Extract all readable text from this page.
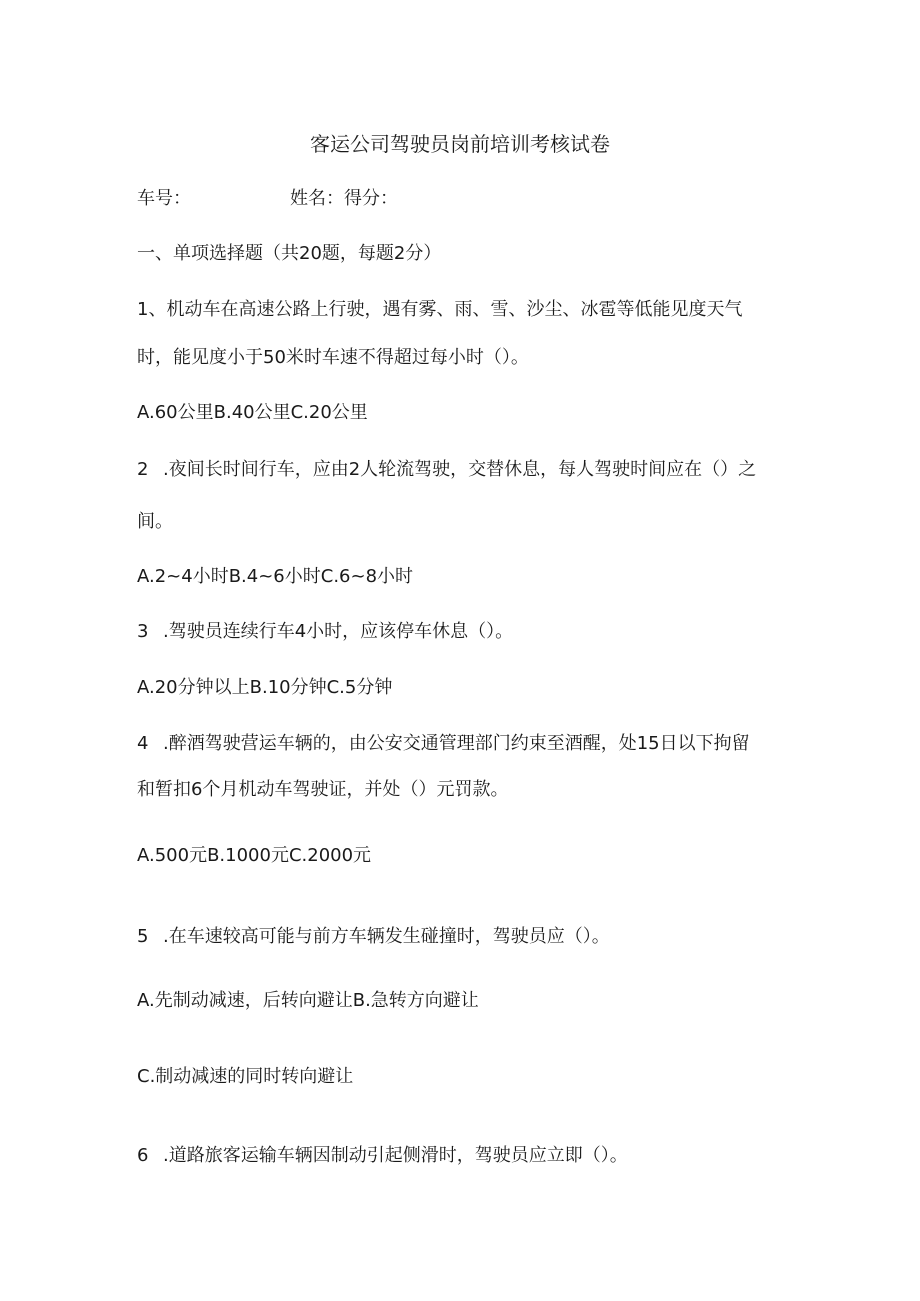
客运公司驾驶员岗前培训考核试卷
车号：	姓名：得分：
一、单项选择题（共20题，每题2分）
1、机动车在高速公路上行驶，遇有雾、雨、雪、沙尘、冰雹等低能见度天气
时，能见度小于50米时车速不得超过每小时（）。
A.60公里B.40公里C.20公里
2 .夜间长时间行车，应由2人轮流驾驶，交替休息，每人驾驶时间应在（）之
间。
A.2~4小时B.4~6小时C.6~8小时
3 .驾驶员连续行车4小时，应该停车休息（）。
A.20分钟以上B.10分钟C.5分钟
4 .醉酒驾驶营运车辆的，由公安交通管理部门约束至酒醒，处15日以下拘留
和暂扣6个月机动车驾驶证，并处（）元罚款。
A.500元B.1000元C.2000元
5 .在车速较高可能与前方车辆发生碰撞时，驾驶员应（）。
A.先制动减速，后转向避让B.急转方向避让
C.制动减速的同时转向避让
6 .道路旅客运输车辆因制动引起侧滑时，驾驶员应立即（）。
